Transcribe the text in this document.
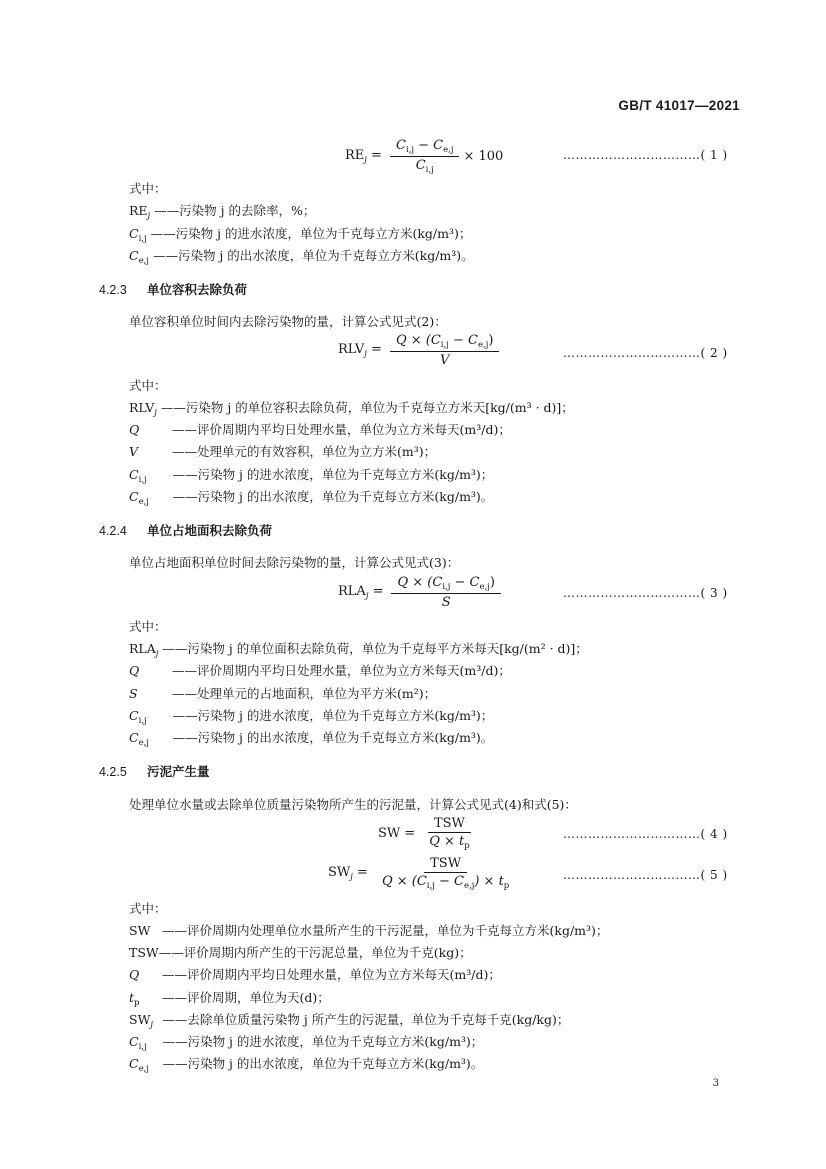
GB/T 41017—2021
$RE_j = \frac{C_{i,j} - C_{e,j}}{C_{i,j}} \times 100$	……………………………( 1 )
式中：
$RE_j$ ——污染物 j 的去除率，%；
$C_{i,j}$ ——污染物 j 的进水浓度，单位为千克每立方米(kg/m³)；
$C_{e,j}$ ——污染物 j 的出水浓度，单位为千克每立方米(kg/m³)。
4.2.3 单位容积去除负荷
单位容积单位时间内去除污染物的量，计算公式见式(2)：
$RLV_j = \frac{Q \times (C_{i,j} - C_{e,j})}{V}$	……………………………( 2 )
式中：
$RLV_j$ ——污染物 j 的单位容积去除负荷，单位为千克每立方米天[kg/(m³ · d)]；
Q	——评价周期内平均日处理水量，单位为立方米每天(m³/d)；
V	——处理单元的有效容积，单位为立方米(m³)；
Ci,j ——污染物 j 的进水浓度，单位为千克每立方米(kg/m³)；
Ce,j ——污染物 j 的出水浓度，单位为千克每立方米(kg/m³)。
4.2.4 单位占地面积去除负荷
单位占地面积单位时间去除污染物的量，计算公式见式(3)：
$RLA_j = \frac{Q \times (C_{i,j} - C_{e,j})}{S}$	……………………………( 3 )
式中：
$RLA_j$ ——污染物 j 的单位面积去除负荷，单位为千克每平方米每天[kg/(m² · d)]；
Q	——评价周期内平均日处理水量，单位为立方米每天(m³/d)；
S	——处理单元的占地面积，单位为平方米(m²)；
Ci,j ——污染物 j 的进水浓度，单位为千克每立方米(kg/m³)；
Ce,j ——污染物 j 的出水浓度，单位为千克每立方米(kg/m³)。
4.2.5 污泥产生量
处理单位水量或去除单位质量污染物所产生的污泥量，计算公式见式(4)和式(5)：
SW = $\frac{\text{TSW}}{Q \times t_p}$	……………………………( 4 )
$SW_j = \frac{\text{TSW}}{Q \times (C_{i,j} - C_{e,j}) \times t_p}$	……………………………( 5 )
式中：
SW ——评价周期内处理单位水量所产生的干污泥量，单位为千克每立方米(kg/m³)；
TSW——评价周期内所产生的干污泥总量，单位为千克(kg)；
Q ——评价周期内平均日处理水量，单位为立方米每天(m³/d)；
tp ——评价周期，单位为天(d)；
SWj ——去除单位质量污染物 j 所产生的污泥量，单位为千克每千克(kg/kg)；
Ci,j ——污染物 j 的进水浓度，单位为千克每立方米(kg/m³)；
Ce,j ——污染物 j 的出水浓度，单位为千克每立方米(kg/m³)。
3
